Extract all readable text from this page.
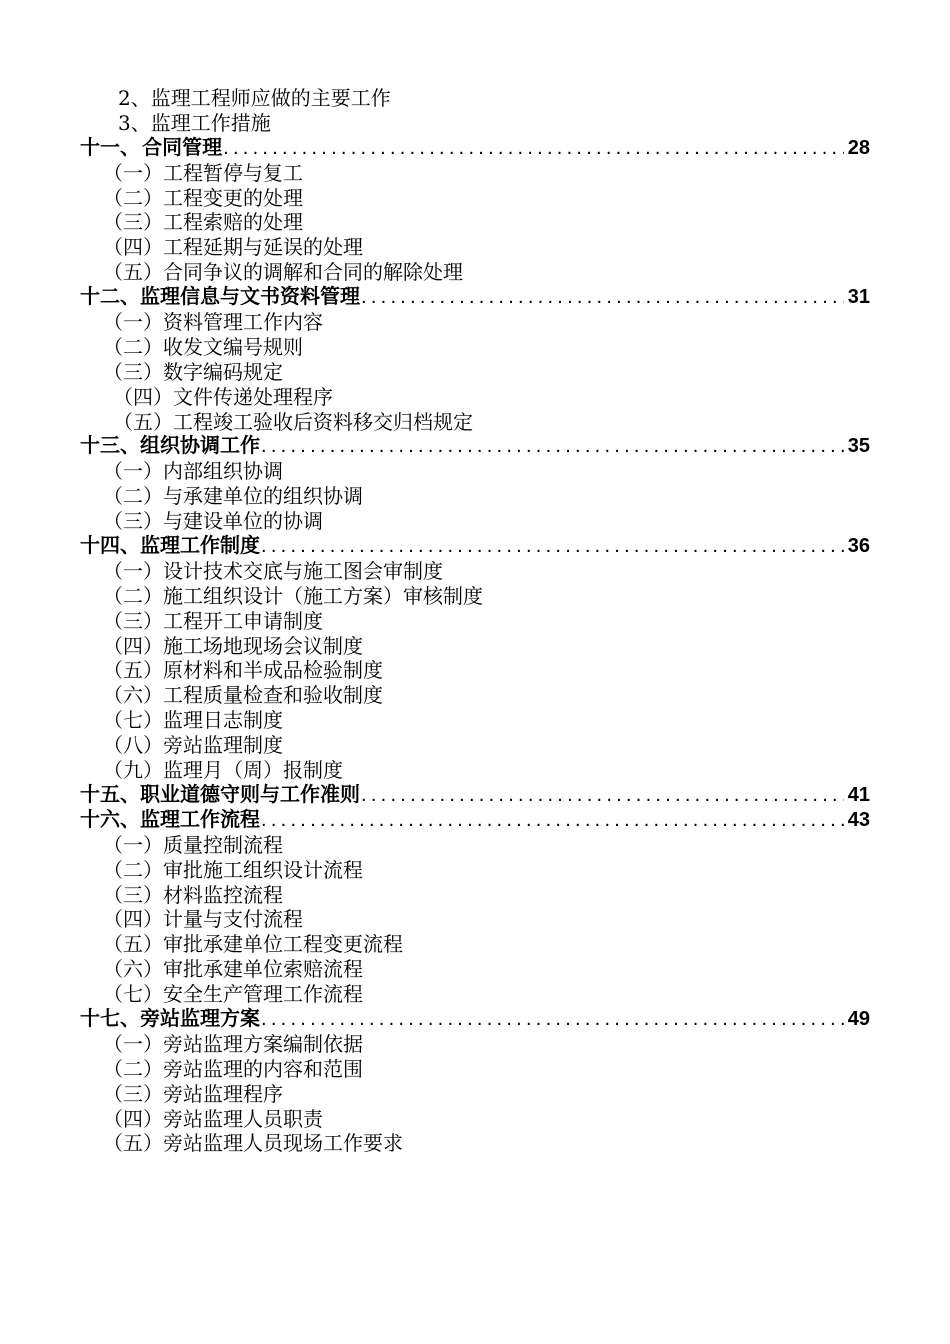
2、监理工程师应做的主要工作
3、监理工作措施
十一、 合同管理 . . .	28
（一）工程暂停与复工
（二）工程变更的处理
（三）工程索赔的处理
（四）工程延期与延误的处理
（五）合同争议的调解和合同的解除处理
十二、 监理信息与文书资料管理 . . .	31
（一）资料管理工作内容
（二）收发文编号规则
（三）数字编码规定
（四）文件传递处理程序
（五）工程竣工验收后资料移交归档规定
十三、 组织协调工作 . . .	35
（一）内部组织协调
（二）与承建单位的组织协调
（三）与建设单位的协调
十四、 监理工作制度 . . .	36
（一）设计技术交底与施工图会审制度
（二）施工组织设计（施工方案）审核制度
（三）工程开工申请制度
（四）施工场地现场会议制度
（五）原材料和半成品检验制度
（六）工程质量检查和验收制度
（七）监理日志制度
（八）旁站监理制度
（九）监理月（周）报制度
十五、 职业道德守则与工作准则 . . .	41
十六、 监理工作流程 . . .	43
（一）质量控制流程
（二）审批施工组织设计流程
（三）材料监控流程
（四）计量与支付流程
（五）审批承建单位工程变更流程
（六）审批承建单位索赔流程
（七）安全生产管理工作流程
十七、 旁站监理方案 . . .	49
（一）旁站监理方案编制依据
（二）旁站监理的内容和范围
（三）旁站监理程序
（四）旁站监理人员职责
（五）旁站监理人员现场工作要求
